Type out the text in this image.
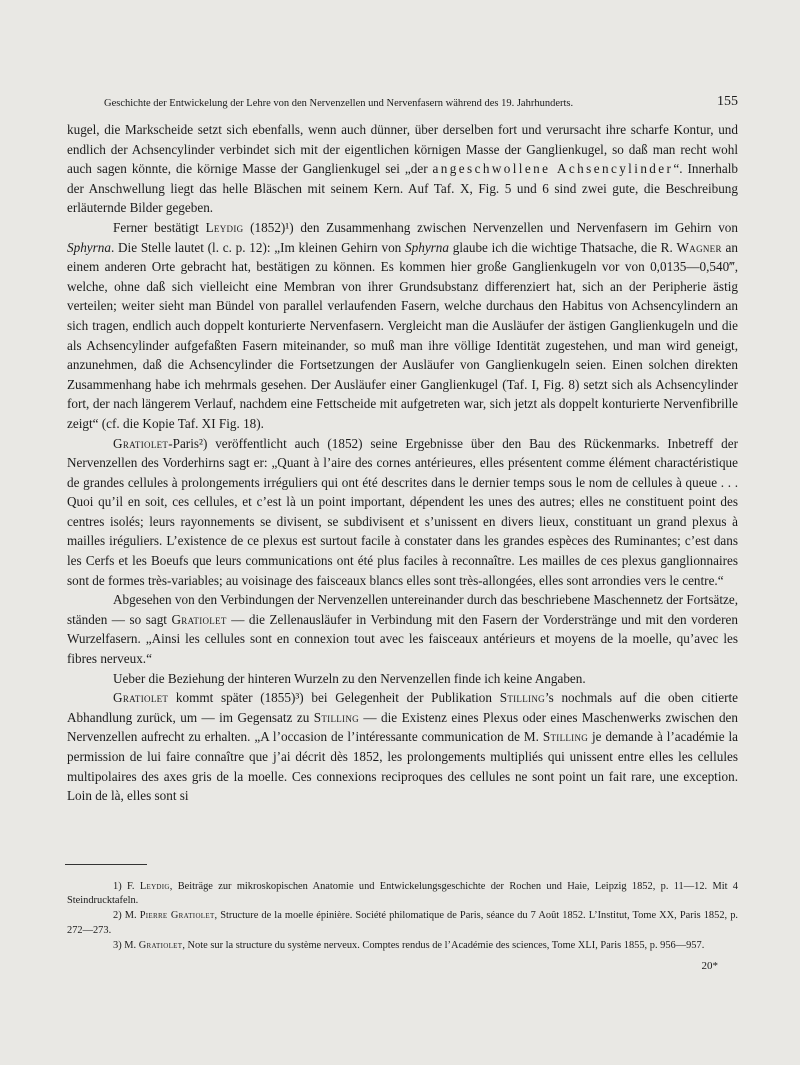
Geschichte der Entwickelung der Lehre von den Nervenzellen und Nervenfasern während des 19. Jahrhunderts.	155

kugel, die Markscheide setzt sich ebenfalls, wenn auch dünner, über derselben fort und verursacht ihre scharfe Kontur, und endlich der Achsencylinder verbindet sich mit der eigentlichen körnigen Masse der Ganglienkugel, so daß man recht wohl auch sagen könnte, die körnige Masse der Ganglienkugel sei „der angeschwollene Achsencylinder“. Innerhalb der Anschwellung liegt das helle Bläschen mit seinem Kern. Auf Taf. X, Fig. 5 und 6 sind zwei gute, die Beschreibung erläuternde Bilder gegeben.

Ferner bestätigt Leydig (1852)¹) den Zusammenhang zwischen Nervenzellen und Nervenfasern im Gehirn von Sphyrna. Die Stelle lautet (l. c. p. 12): „Im kleinen Gehirn von Sphyrna glaube ich die wichtige Thatsache, die R. Wagner an einem anderen Orte gebracht hat, bestätigen zu können. Es kommen hier große Ganglienkugeln vor von 0,0135—0,540‴, welche, ohne daß sich vielleicht eine Membran von ihrer Grundsubstanz differenziert hat, sich an der Peripherie ästig verteilen; weiter sieht man Bündel von parallel verlaufenden Fasern, welche durchaus den Habitus von Achsencylindern an sich tragen, endlich auch doppelt konturierte Nervenfasern. Vergleicht man die Ausläufer der ästigen Ganglienkugeln und die als Achsencylinder aufgefaßten Fasern miteinander, so muß man ihre völlige Identität zugestehen, und man wird geneigt, anzunehmen, daß die Achsencylinder die Fortsetzungen der Ausläufer von Ganglienkugeln seien. Einen solchen direkten Zusammenhang habe ich mehrmals gesehen. Der Ausläufer einer Ganglienkugel (Taf. I, Fig. 8) setzt sich als Achsencylinder fort, der nach längerem Verlauf, nachdem eine Fettscheide mit aufgetreten war, sich jetzt als doppelt konturierte Nervenfibrille zeigt“ (cf. die Kopie Taf. XI Fig. 18).

Gratiolet-Paris²) veröffentlicht auch (1852) seine Ergebnisse über den Bau des Rückenmarks. Inbetreff der Nervenzellen des Vorderhirns sagt er: „Quant à l’aire des cornes antérieures, elles présentent comme élément charactéristique de grandes cellules à prolongements irréguliers qui ont été descrites dans le dernier temps sous le nom de cellules à queue . . . Quoi qu’il en soit, ces cellules, et c’est là un point important, dépendent les unes des autres; elles ne constituent point des centres isolés; leurs rayonnements se divisent, se subdivisent et s’unissent en divers lieux, constituant un grand plexus à mailles iréguliers. L’existence de ce plexus est surtout facile à constater dans les grandes espèces des Ruminantes; c’est dans les Cerfs et les Boeufs que leurs communications ont été plus faciles à reconnaître. Les mailles de ces plexus ganglionnaires sont de formes très-variables; au voisinage des faisceaux blancs elles sont très-allongées, elles sont arrondies vers le centre.“

Abgesehen von den Verbindungen der Nervenzellen untereinander durch das beschriebene Maschennetz der Fortsätze, ständen — so sagt Gratiolet — die Zellenausläufer in Verbindung mit den Fasern der Vorderstränge und mit den vorderen Wurzelfasern. „Ainsi les cellules sont en connexion tout avec les faisceaux antérieurs et moyens de la moelle, qu’avec les fibres nerveux.“

Ueber die Beziehung der hinteren Wurzeln zu den Nervenzellen finde ich keine Angaben.

Gratiolet kommt später (1855)³) bei Gelegenheit der Publikation Stilling’s nochmals auf die oben citierte Abhandlung zurück, um — im Gegensatz zu Stilling — die Existenz eines Plexus oder eines Maschenwerks zwischen den Nervenzellen aufrecht zu erhalten. „A l’occasion de l’intéressante communication de M. Stilling je demande à l’académie la permission de lui faire connaître que j’ai décrit dès 1852, les prolongements multipliés qui unissent entre elles les cellules multipolaires des axes gris de la moelle. Ces connexions reciproques des cellules ne sont point un fait rare, une exception. Loin de là, elles sont si

1) F. Leydig, Beiträge zur mikroskopischen Anatomie und Entwickelungsgeschichte der Rochen und Haie, Leipzig 1852, p. 11—12. Mit 4 Steindrucktafeln.

2) M. Pierre Gratiolet, Structure de la moelle épinière. Société philomatique de Paris, séance du 7 Août 1852. L’Institut, Tome XX, Paris 1852, p. 272—273.

3) M. Gratiolet, Note sur la structure du système nerveux. Comptes rendus de l’Académie des sciences, Tome XLI, Paris 1855, p. 956—957.

20*
